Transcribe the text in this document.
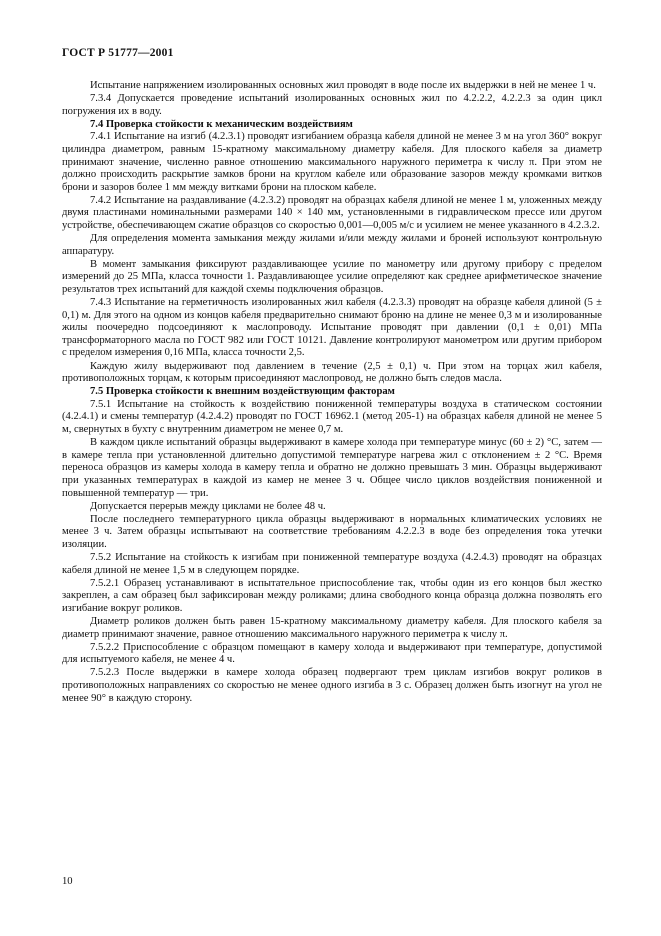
ГОСТ Р 51777—2001

Испытание напряжением изолированных основных жил проводят в воде после их выдержки в ней не менее 1 ч.

7.3.4 Допускается проведение испытаний изолированных основных жил по 4.2.2.2, 4.2.2.3 за один цикл погружения их в воду.

7.4 Проверка стойкости к механическим воздействиям

7.4.1 Испытание на изгиб (4.2.3.1) проводят изгибанием образца кабеля длиной не менее 3 м на угол 360° вокруг цилиндра диаметром, равным 15-кратному максимальному диаметру кабеля. Для плоского кабеля за диаметр принимают значение, численно равное отношению максимального наружного периметра к числу π. При этом не должно происходить раскрытие замков брони на круглом кабеле или образование зазоров между кромками витков брони и зазоров более 1 мм между витками брони на плоском кабеле.

7.4.2 Испытание на раздавливание (4.2.3.2) проводят на образцах кабеля длиной не менее 1 м, уложенных между двумя пластинами номинальными размерами 140 × 140 мм, установленными в гидравлическом прессе или другом устройстве, обеспечивающем сжатие образцов со скоростью 0,001—0,005 м/с и усилием не менее указанного в 4.2.3.2.

Для определения момента замыкания между жилами и/или между жилами и броней используют контрольную аппаратуру.

В момент замыкания фиксируют раздавливающее усилие по манометру или другому прибору с пределом измерений до 25 МПа, класса точности 1. Раздавливающее усилие определяют как среднее арифметическое значение результатов трех испытаний для каждой схемы подключения образцов.

7.4.3 Испытание на герметичность изолированных жил кабеля (4.2.3.3) проводят на образце кабеля длиной (5 ± 0,1) м. Для этого на одном из концов кабеля предварительно снимают броню на длине не менее 0,3 м и изолированные жилы поочередно подсоединяют к маслопроводу. Испытание проводят при давлении (0,1 ± 0,01) МПа трансформаторного масла по ГОСТ 982 или ГОСТ 10121. Давление контролируют манометром или другим прибором с пределом измерения 0,16 МПа, класса точности 2,5.

Каждую жилу выдерживают под давлением в течение (2,5 ± 0,1) ч. При этом на торцах жил кабеля, противоположных торцам, к которым присоединяют маслопровод, не должно быть следов масла.

7.5 Проверка стойкости к внешним воздействующим факторам

7.5.1 Испытание на стойкость к воздействию пониженной температуры воздуха в статическом состоянии (4.2.4.1) и смены температур (4.2.4.2) проводят по ГОСТ 16962.1 (метод 205-1) на образцах кабеля длиной не менее 5 м, свернутых в бухту с внутренним диаметром не менее 0,7 м.

В каждом цикле испытаний образцы выдерживают в камере холода при температуре минус (60 ± 2) °С, затем — в камере тепла при установленной длительно допустимой температуре нагрева жил с отклонением ± 2 °С. Время переноса образцов из камеры холода в камеру тепла и обратно не должно превышать 3 мин. Образцы выдерживают при указанных температурах в каждой из камер не менее 3 ч. Общее число циклов воздействия пониженной и повышенной температур — три.

Допускается перерыв между циклами не более 48 ч.

После последнего температурного цикла образцы выдерживают в нормальных климатических условиях не менее 3 ч. Затем образцы испытывают на соответствие требованиям 4.2.2.3 в воде без определения тока утечки изоляции.

7.5.2 Испытание на стойкость к изгибам при пониженной температуре воздуха (4.2.4.3) проводят на образцах кабеля длиной не менее 1,5 м в следующем порядке.

7.5.2.1 Образец устанавливают в испытательное приспособление так, чтобы один из его концов был жестко закреплен, а сам образец был зафиксирован между роликами; длина свободного конца образца должна позволять его изгибание вокруг роликов.

Диаметр роликов должен быть равен 15-кратному максимальному диаметру кабеля. Для плоского кабеля за диаметр принимают значение, равное отношению максимального наружного периметра к числу π.

7.5.2.2 Приспособление с образцом помещают в камеру холода и выдерживают при температуре, допустимой для испытуемого кабеля, не менее 4 ч.

7.5.2.3 После выдержки в камере холода образец подвергают трем циклам изгибов вокруг роликов в противоположных направлениях со скоростью не менее одного изгиба в 3 с. Образец должен быть изогнут на угол не менее 90° в каждую сторону.

10
